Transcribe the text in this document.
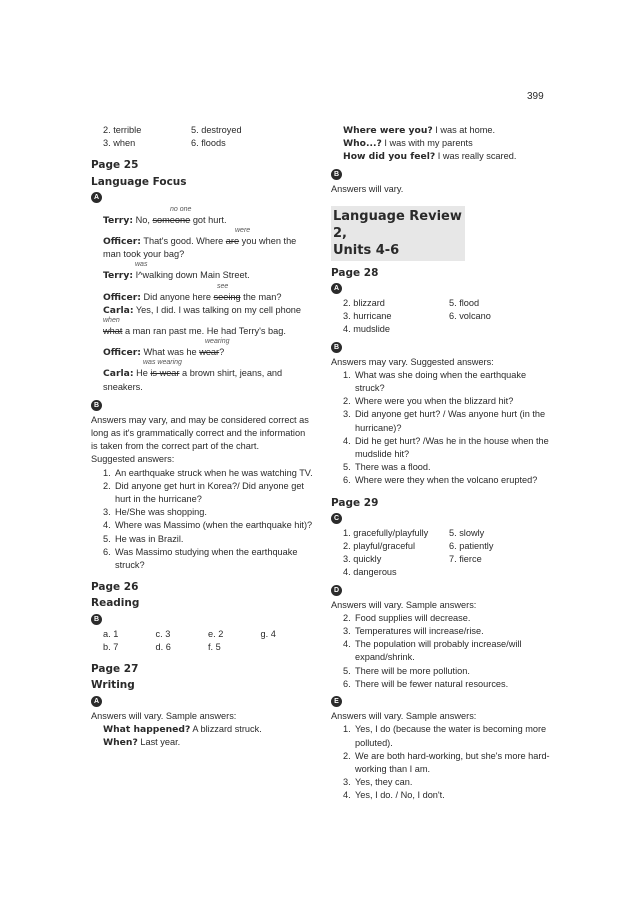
399
2. terrible	5. destroyed
3. when	6. floods
Page 25
Language Focus
A
no one
Terry: No, someone got hurt.
were
Officer: That's good. Where are you when the man took your bag?
was
Terry: I^walking down Main Street.
see
Officer: Did anyone here seeing the man?
Carla: Yes, I did. I was talking on my cell phone
when
what a man ran past me. He had Terry's bag.
wearing
Officer: What was he wear?
was wearing
Carla: He is wear a brown shirt, jeans, and sneakers.
B
Answers may vary, and may be considered correct as long as it's grammatically correct and the information is taken from the correct part of the chart.
Suggested answers:
1. An earthquake struck when he was watching TV.
2. Did anyone get hurt in Korea?/ Did anyone get hurt in the hurricane?
3. He/She was shopping.
4. Where was Massimo (when the earthquake hit)?
5. He was in Brazil.
6. Was Massimo studying when the earthquake struck?
Page 26
Reading
B
a. 1	c. 3	e. 2	g. 4
b. 7	d. 6	f. 5
Page 27
Writing
A
Answers will vary. Sample answers:
What happened? A blizzard struck.
When? Last year.
Where were you? I was at home.
Who...? I was with my parents
How did you feel? I was really scared.
B
Answers will vary.
Language Review 2,
Units 4-6
Page 28
A
2. blizzard	5. flood
3. hurricane	6. volcano
4. mudslide
B
Answers may vary. Suggested answers:
1. What was she doing when the earthquake struck?
2. Where were you when the blizzard hit?
3. Did anyone get hurt? / Was anyone hurt (in the hurricane)?
4. Did he get hurt? /Was he in the house when the mudslide hit?
5. There was a flood.
6. Where were they when the volcano erupted?
Page 29
C
1. gracefully/playfully	5. slowly
2. playful/graceful	6. patiently
3. quickly	7. fierce
4. dangerous
D
Answers will vary. Sample answers:
2. Food supplies will decrease.
3. Temperatures will increase/rise.
4. The population will probably increase/will expand/shrink.
5. There will be more pollution.
6. There will be fewer natural resources.
E
Answers will vary. Sample answers:
1. Yes, I do (because the water is becoming more polluted).
2. We are both hard-working, but she's more hard-working than I am.
3. Yes, they can.
4. Yes, I do. / No, I don't.
